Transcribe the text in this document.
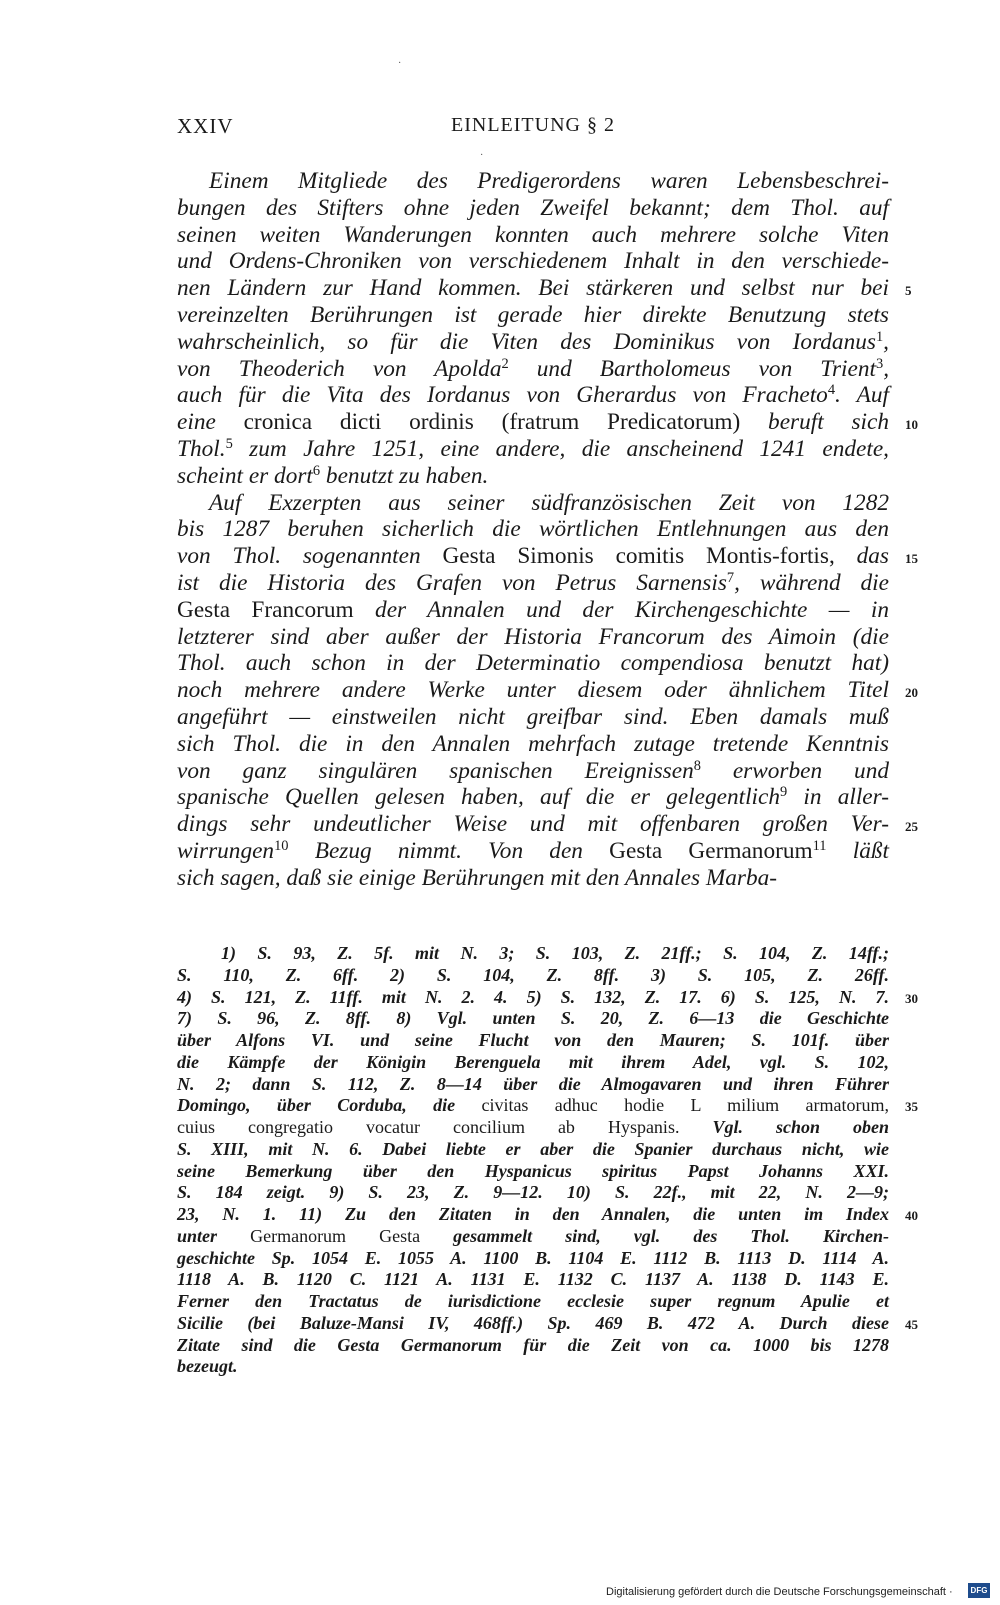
XXIV	EINLEITUNG § 2
Einem Mitgliede des Predigerordens waren Lebensbeschrei-
bungen des Stifters ohne jeden Zweifel bekannt; dem Thol. auf
seinen weiten Wanderungen konnten auch mehrere solche Viten
und Ordens-Chroniken von verschiedenem Inhalt in den verschiede-
nen Ländern zur Hand kommen. Bei stärkeren und selbst nur bei
vereinzelten Berührungen ist gerade hier direkte Benutzung stets
wahrscheinlich, so für die Viten des Dominikus von Iordanus$^1$,
von Theoderich von Apolda$^2$ und Bartholomeus von Trient$^3$,
auch für die Vita des Iordanus von Gherardus von Fracheto$^4$. Auf
eine cronica dicti ordinis (fratrum Predicatorum) beruft sich
Thol.$^5$ zum Jahre 1251, eine andere, die anscheinend 1241 endete,
scheint er dort$^6$ benutzt zu haben.
Auf Exzerpten aus seiner südfranzösischen Zeit von 1282
bis 1287 beruhen sicherlich die wörtlichen Entlehnungen aus den
von Thol. sogenannten Gesta Simonis comitis Montis-fortis, das
ist die Historia des Grafen von Petrus Sarnensis$^7$, während die
Gesta Francorum der Annalen und der Kirchengeschichte — in
letzterer sind aber außer der Historia Francorum des Aimoin (die
Thol. auch schon in der Determinatio compendiosa benutzt hat)
noch mehrere andere Werke unter diesem oder ähnlichem Titel
angeführt — einstweilen nicht greifbar sind. Eben damals muß
sich Thol. die in den Annalen mehrfach zutage tretende Kenntnis
von ganz singulären spanischen Ereignissen$^8$ erworben und
spanische Quellen gelesen haben, auf die er gelegentlich$^9$ in aller-
dings sehr undeutlicher Weise und mit offenbaren großen Ver-
wirrungen$^{10}$ Bezug nimmt. Von den Gesta Germanorum$^{11}$ läßt
sich sagen, daß sie einige Berührungen mit den Annales Marba-
5
10
15
20
25
1) S. 93, Z. 5f. mit N. 3; S. 103, Z. 21ff.; S. 104, Z. 14ff.;
S. 110, Z. 6ff. 2) S. 104, Z. 8ff. 3) S. 105, Z. 26ff.
4) S. 121, Z. 11ff. mit N. 2. 4. 5) S. 132, Z. 17. 6) S. 125, N. 7.
7) S. 96, Z. 8ff. 8) Vgl. unten S. 20, Z. 6—13 die Geschichte
über Alfons VI. und seine Flucht von den Mauren; S. 101f. über
die Kämpfe der Königin Berenguela mit ihrem Adel, vgl. S. 102,
N. 2; dann S. 112, Z. 8—14 über die Almogavaren und ihren Führer
Domingo, über Corduba, die civitas adhuc hodie L milium armatorum,
cuius congregatio vocatur concilium ab Hyspanis. Vgl. schon oben
S. XIII, mit N. 6. Dabei liebte er aber die Spanier durchaus nicht, wie
seine Bemerkung über den Hyspanicus spiritus Papst Johanns XXI.
S. 184 zeigt. 9) S. 23, Z. 9—12. 10) S. 22f., mit 22, N. 2—9;
23, N. 1. 11) Zu den Zitaten in den Annalen, die unten im Index
unter Germanorum Gesta gesammelt sind, vgl. des Thol. Kirchen-
geschichte Sp. 1054 E. 1055 A. 1100 B. 1104 E. 1112 B. 1113 D. 1114 A.
1118 A. B. 1120 C. 1121 A. 1131 E. 1132 C. 1137 A. 1138 D. 1143 E.
Ferner den Tractatus de iurisdictione ecclesie super regnum Apulie et
Sicilie (bei Baluze-Mansi IV, 468ff.) Sp. 469 B. 472 A. Durch diese
Zitate sind die Gesta Germanorum für die Zeit von ca. 1000 bis 1278
bezeugt.
30
35
40
45
·
·
Digitalisierung gefördert durch die Deutsche Forschungsgemeinschaft ·	DFG
